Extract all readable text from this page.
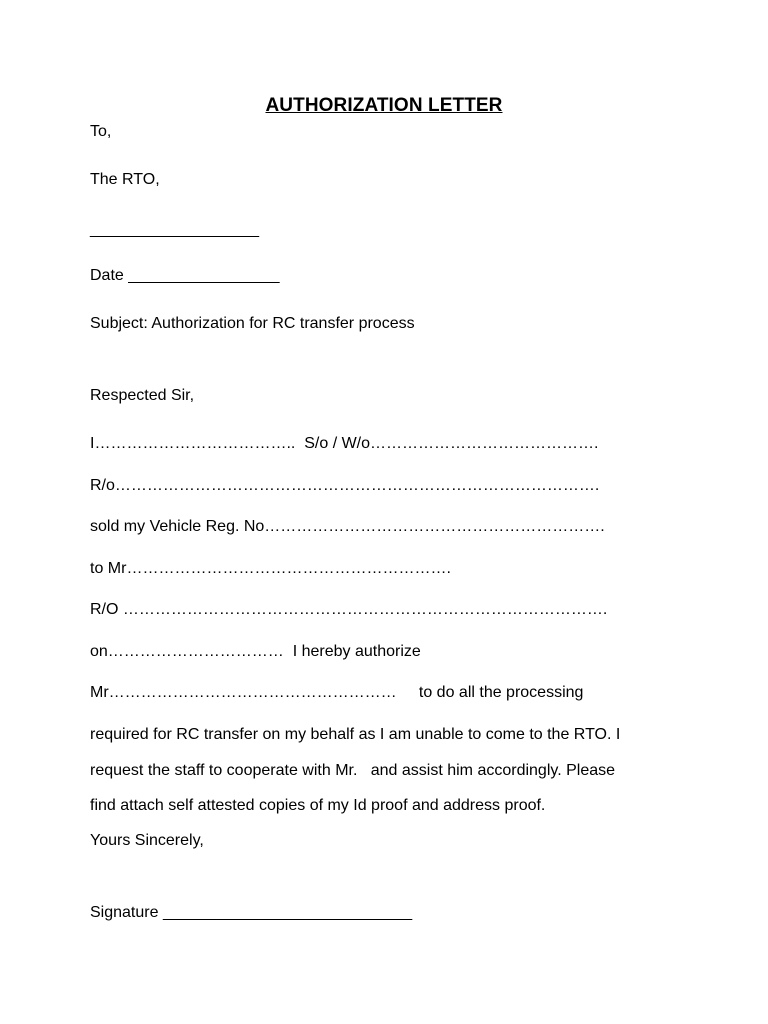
AUTHORIZATION LETTER
To,
The RTO,
___________________
Date _________________
Subject: Authorization for RC transfer process
Respected Sir,
I………………………………..  S/o / W/o…………………………………….
R/o……………………………………………………………………………….
sold my Vehicle Reg. No……………………………………………………….
to Mr…………………………………………………….
R/O ……………………………………………………………………………….
on……………………………  I hereby authorize
Mr………………………………………………     to do all the processing
required for RC transfer on my behalf as I am unable to come to the RTO. I
request the staff to cooperate with Mr.   and assist him accordingly. Please
find attach self attested copies of my Id proof and address proof.
Yours Sincerely,
Signature ____________________________
